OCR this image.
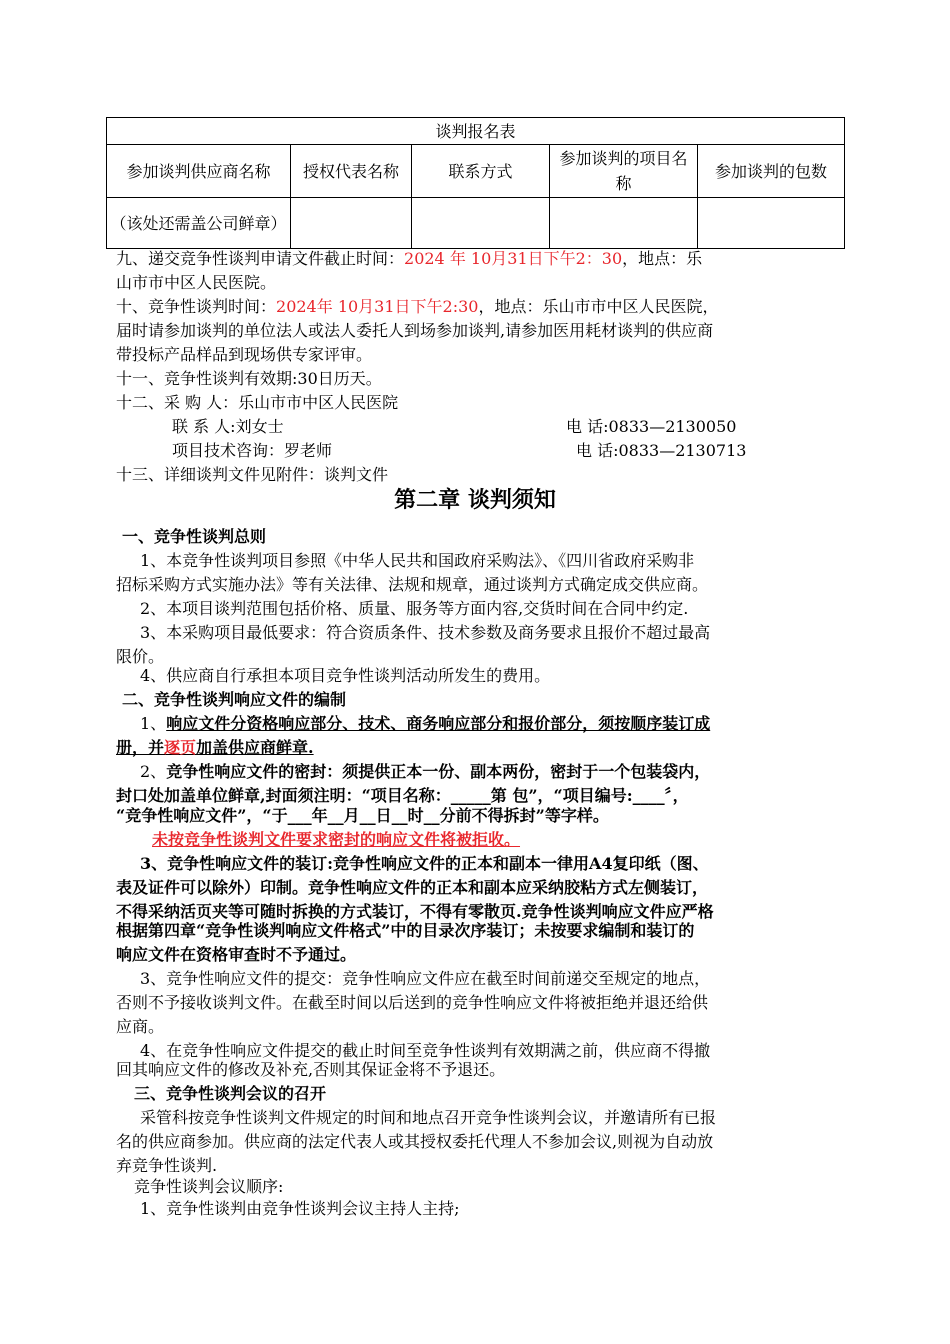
谈判报名表				
参加谈判供应商名称	授权代表名称	联系方式	参加谈判的项目名称	参加谈判的包数
（该处还需盖公司鲜章）				
九、递交竞争性谈判申请文件截止时间：2024 年 10月31日下午2：30，地点：乐
山市市中区人民医院。
十、竞争性谈判时间：2024年 10月31日下午2:30，地点：乐山市市中区人民医院，
届时请参加谈判的单位法人或法人委托人到场参加谈判,请参加医用耗材谈判的供应商
带投标产品样品到现场供专家评审。
十一、竞争性谈判有效期:30日历天。
十二、采 购 人：乐山市市中区人民医院
联 系 人:刘女士	电 话:0833—2130050
项目技术咨询：罗老师	电 话:0833—2130713
十三、详细谈判文件见附件：谈判文件
第二章 谈判须知
一、竞争性谈判总则
1、本竞争性谈判项目参照《中华人民共和国政府采购法》、《四川省政府采购非
招标采购方式实施办法》等有关法律、法规和规章，通过谈判方式确定成交供应商。
2、本项目谈判范围包括价格、质量、服务等方面内容,交货时间在合同中约定.
3、本采购项目最低要求：符合资质条件、技术参数及商务要求且报价不超过最高
限价。
4、供应商自行承担本项目竞争性谈判活动所发生的费用。
二、竞争性谈判响应文件的编制
1、响应文件分资格响应部分、技术、商务响应部分和报价部分，须按顺序装订成
册，并逐页加盖供应商鲜章.
2、竞争性响应文件的密封：须提供正本一份、副本两份，密封于一个包装袋内，
封口处加盖单位鲜章,封面须注明：“项目名称：_____第 包”，“项目编号:____〞，
“竞争性响应文件”，“于___年__月__日__时__分前不得拆封”等字样。
未按竞争性谈判文件要求密封的响应文件将被拒收。
3、竞争性响应文件的装订:竞争性响应文件的正本和副本一律用A4复印纸（图、
表及证件可以除外）印制。竞争性响应文件的正本和副本应采纳胶粘方式左侧装订，
不得采纳活页夹等可随时拆换的方式装订，不得有零散页.竞争性谈判响应文件应严格
根据第四章“竞争性谈判响应文件格式”中的目录次序装订；未按要求编制和装订的
响应文件在资格审查时不予通过。
3、竞争性响应文件的提交：竞争性响应文件应在截至时间前递交至规定的地点，
否则不予接收谈判文件。在截至时间以后送到的竞争性响应文件将被拒绝并退还给供
应商。
4、在竞争性响应文件提交的截止时间至竞争性谈判有效期满之前，供应商不得撤
回其响应文件的修改及补充,否则其保证金将不予退还。
三、竞争性谈判会议的召开
采管科按竞争性谈判文件规定的时间和地点召开竞争性谈判会议，并邀请所有已报
名的供应商参加。供应商的法定代表人或其授权委托代理人不参加会议,则视为自动放
弃竞争性谈判.
竞争性谈判会议顺序:
1、竞争性谈判由竞争性谈判会议主持人主持;
